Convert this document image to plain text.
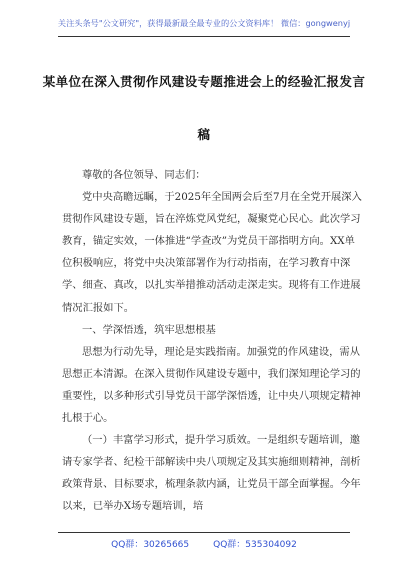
关注头条号"公文研究"，获得最新最全最专业的公文资料库！ 微信：gongwenyj
某单位在深入贯彻作风建设专题推进会上的经验汇报发言
稿

尊敬的各位领导、同志们：

党中央高瞻远瞩，于2025年全国两会后至7月在全党开展深入贯彻作风建设专题，旨在淬炼党风党纪，凝聚党心民心。此次学习教育，锚定实效，一体推进“学查改”为党员干部指明方向。XX单位积极响应，将党中央决策部署作为行动指南，在学习教育中深学、细查、真改，以扎实举措推动活动走深走实。现将有工作进展情况汇报如下。

一、学深悟透，筑牢思想根基

思想为行动先导，理论是实践指南。加强党的作风建设，需从思想正本清源。在深入贯彻作风建设专题中，我们深知理论学习的重要性，以多种形式引导党员干部学深悟透，让中央八项规定精神扎根于心。

（一）丰富学习形式，提升学习质效。一是组织专题培训，邀请专家学者、纪检干部解读中央八项规定及其实施细则精神，剖析政策背景、目标要求，梳理条款内涵，让党员干部全面掌握。今年以来，已举办X场专题培训，培

QQ群：30265665	QQ群：535304092
